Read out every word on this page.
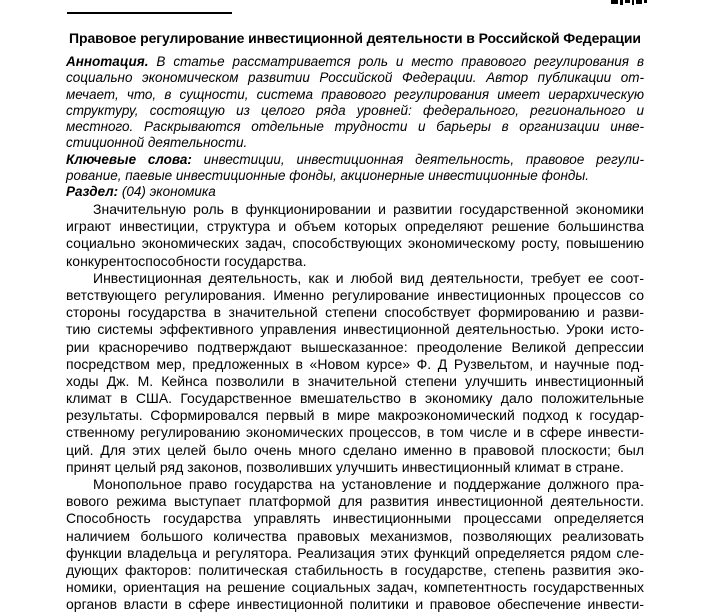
Правовое регулирование инвестиционной деятельности в Российской Федерации
Аннотация. В статье рассматривается роль и место правового регулирования в
социально экономическом развитии Российской Федерации. Автор публикации от-
мечает, что, в сущности, система правового регулирования имеет иерархическую
структуру, состоящую из целого ряда уровней: федерального, регионального и
местного. Раскрываются отдельные трудности и барьеры в организации инве-
стиционной деятельности.
Ключевые слова: инвестиции, инвестиционная деятельность, правовое регули-
рование, паевые инвестиционные фонды, акционерные инвестиционные фонды.
Раздел: (04) экономика
Значительную роль в функционировании и развитии государственной экономики
играют инвестиции, структура и объем которых определяют решение большинства
социально экономических задач, способствующих экономическому росту, повышению
конкурентоспособности государства.
Инвестиционная деятельность, как и любой вид деятельности, требует ее соот-
ветствующего регулирования. Именно регулирование инвестиционных процессов со
стороны государства в значительной степени способствует формированию и разви-
тию системы эффективного управления инвестиционной деятельностью. Уроки исто-
рии красноречиво подтверждают вышесказанное: преодоление Великой депрессии
посредством мер, предложенных в «Новом курсе» Ф. Д Рузвельтом, и научные под-
ходы Дж. М. Кейнса позволили в значительной степени улучшить инвестиционный
климат в США. Государственное вмешательство в экономику дало положительные
результаты. Сформировался первый в мире макроэкономический подход к государ-
ственному регулированию экономических процессов, в том числе и в сфере инвести-
ций. Для этих целей было очень много сделано именно в правовой плоскости; был
принят целый ряд законов, позволивших улучшить инвестиционный климат в стране.
Монопольное право государства на установление и поддержание должного пра-
вового режима выступает платформой для развития инвестиционной деятельности.
Способность государства управлять инвестиционными процессами определяется
наличием большого количества правовых механизмов, позволяющих реализовать
функции владельца и регулятора. Реализация этих функций определяется рядом сле-
дующих факторов: политическая стабильность в государстве, степень развития эко-
номики, ориентация на решение социальных задач, компетентность государственных
органов власти в сфере инвестиционной политики и правовое обеспечение инвести-
